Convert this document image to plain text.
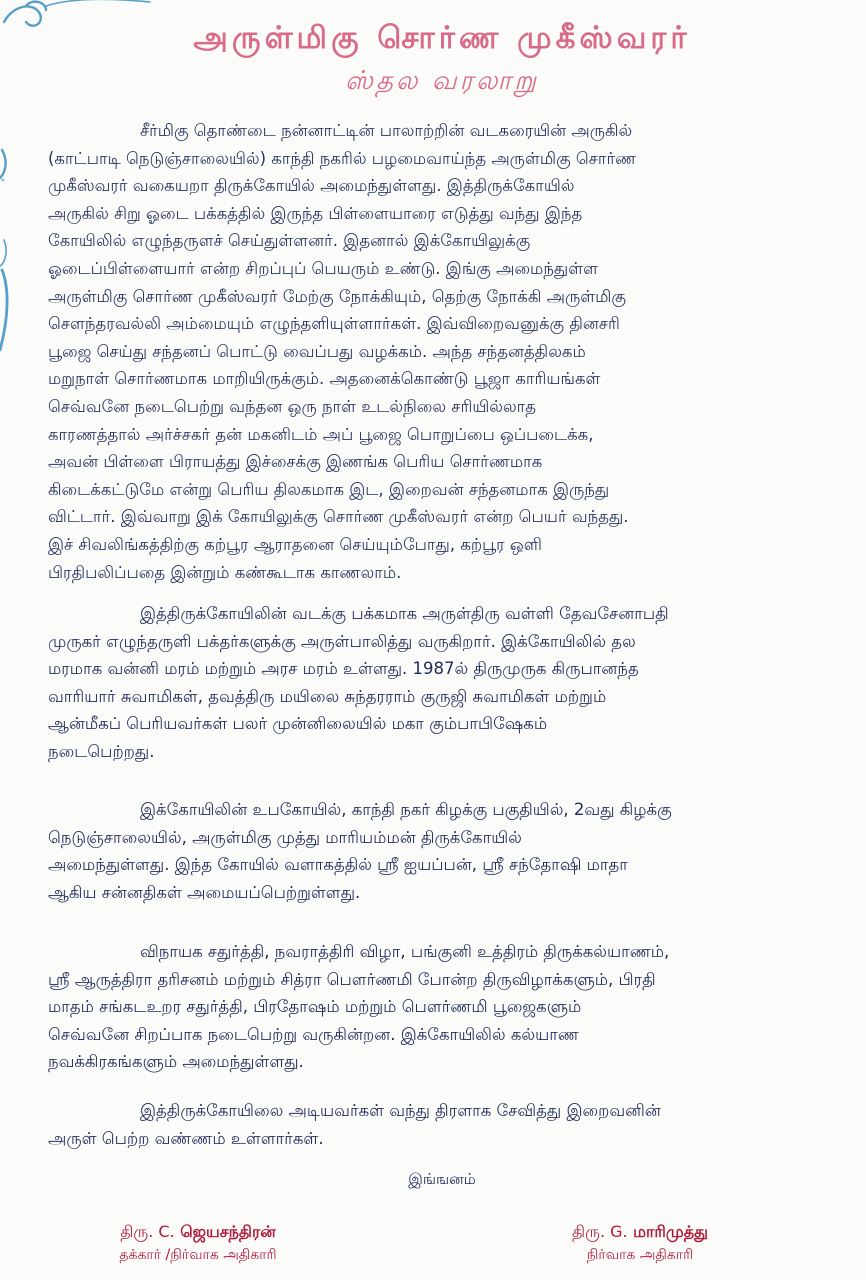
அருள்மிகு சொர்ண முகீஸ்வரர்
ஸ்தல வரலாறு
சீர்மிகு தொண்டை நன்னாட்டின் பாலாற்றின் வடகரையின் அருகில்
(காட்பாடி நெடுஞ்சாலையில்) காந்தி நகரில் பழமைவாய்ந்த அருள்மிகு சொர்ண
முகீஸ்வரர் வகையறா திருக்கோயில் அமைந்துள்ளது. இத்திருக்கோயில்
அருகில் சிறு ஓடை பக்கத்தில் இருந்த பிள்ளையாரை எடுத்து வந்து இந்த
கோயிலில் எழுந்தருளச் செய்துள்ளனர். இதனால் இக்கோயிலுக்கு
ஓடைப்பிள்ளையார் என்ற சிறப்புப் பெயரும் உண்டு. இங்கு அமைந்துள்ள
அருள்மிகு சொர்ண முகீஸ்வரர் மேற்கு நோக்கியும், தெற்கு நோக்கி அருள்மிகு
சௌந்தரவல்லி அம்மையும் எழுந்தளியுள்ளார்கள். இவ்விறைவனுக்கு தினசரி
பூஜை செய்து சந்தனப் பொட்டு வைப்பது வழக்கம். அந்த சந்தனத்திலகம்
மறுநாள் சொர்ணமாக மாறியிருக்கும். அதனைக்கொண்டு பூஜா காரியங்கள்
செவ்வனே நடைபெற்று வந்தன ஒரு நாள் உடல்நிலை சரியில்லாத
காரணத்தால் அர்ச்சகர் தன் மகனிடம் அப் பூஜை பொறுப்பை ஒப்படைக்க,
அவன் பிள்ளை பிராயத்து இச்சைக்கு இணங்க பெரிய சொர்ணமாக
கிடைக்கட்டுமே என்று பெரிய திலகமாக இட, இறைவன் சந்தனமாக இருந்து
விட்டார். இவ்வாறு இக் கோயிலுக்கு சொர்ண முகீஸ்வரர் என்ற பெயர் வந்தது.
இச் சிவலிங்கத்திற்கு கற்பூர ஆராதனை செய்யும்போது, கற்பூர ஒளி
பிரதிபலிப்பதை இன்றும் கண்கூடாக காணலாம்.
இத்திருக்கோயிலின் வடக்கு பக்கமாக அருள்திரு வள்ளி தேவசேனாபதி
முருகர் எழுந்தருளி பக்தர்களுக்கு அருள்பாலித்து வருகிறார். இக்கோயிலில் தல
மரமாக வன்னி மரம் மற்றும் அரச மரம் உள்ளது. 1987ல் திருமுருக கிருபானந்த
வாரியார் சுவாமிகள், தவத்திரு மயிலை சுந்தரராம் குருஜி சுவாமிகள் மற்றும்
ஆன்மீகப் பெரியவர்கள் பலர் முன்னிலையில் மகா கும்பாபிஷேகம்
நடைபெற்றது.
இக்கோயிலின் உபகோயில், காந்தி நகர் கிழக்கு பகுதியில், 2வது கிழக்கு
நெடுஞ்சாலையில், அருள்மிகு முத்து மாரியம்மன் திருக்கோயில்
அமைந்துள்ளது. இந்த கோயில் வளாகத்தில் ஸ்ரீ ஐயப்பன், ஸ்ரீ சந்தோஷி மாதா
ஆகிய சன்னதிகள் அமையப்பெற்றுள்ளது.
விநாயக சதுர்த்தி, நவராத்திரி விழா, பங்குனி உத்திரம் திருக்கல்யாணம்,
ஸ்ரீ ஆருத்திரா தரிசனம் மற்றும் சித்ரா பௌர்ணமி போன்ற திருவிழாக்களும், பிரதி
மாதம் சங்கடஉறர சதுர்த்தி, பிரதோஷம் மற்றும் பௌர்ணமி பூஜைகளும்
செவ்வனே சிறப்பாக நடைபெற்று வருகின்றன. இக்கோயிலில் கல்யாண
நவக்கிரகங்களும் அமைந்துள்ளது.
இத்திருக்கோயிலை அடியவர்கள் வந்து திரளாக சேவித்து இறைவனின்
அருள் பெற்ற வண்ணம் உள்ளார்கள்.
இங்ஙனம்
திரு. C. ஜெயசந்திரன்
தக்கார் /நிர்வாக அதிகாரி
திரு. G. மாரிமுத்து
நிர்வாக அதிகாரி
